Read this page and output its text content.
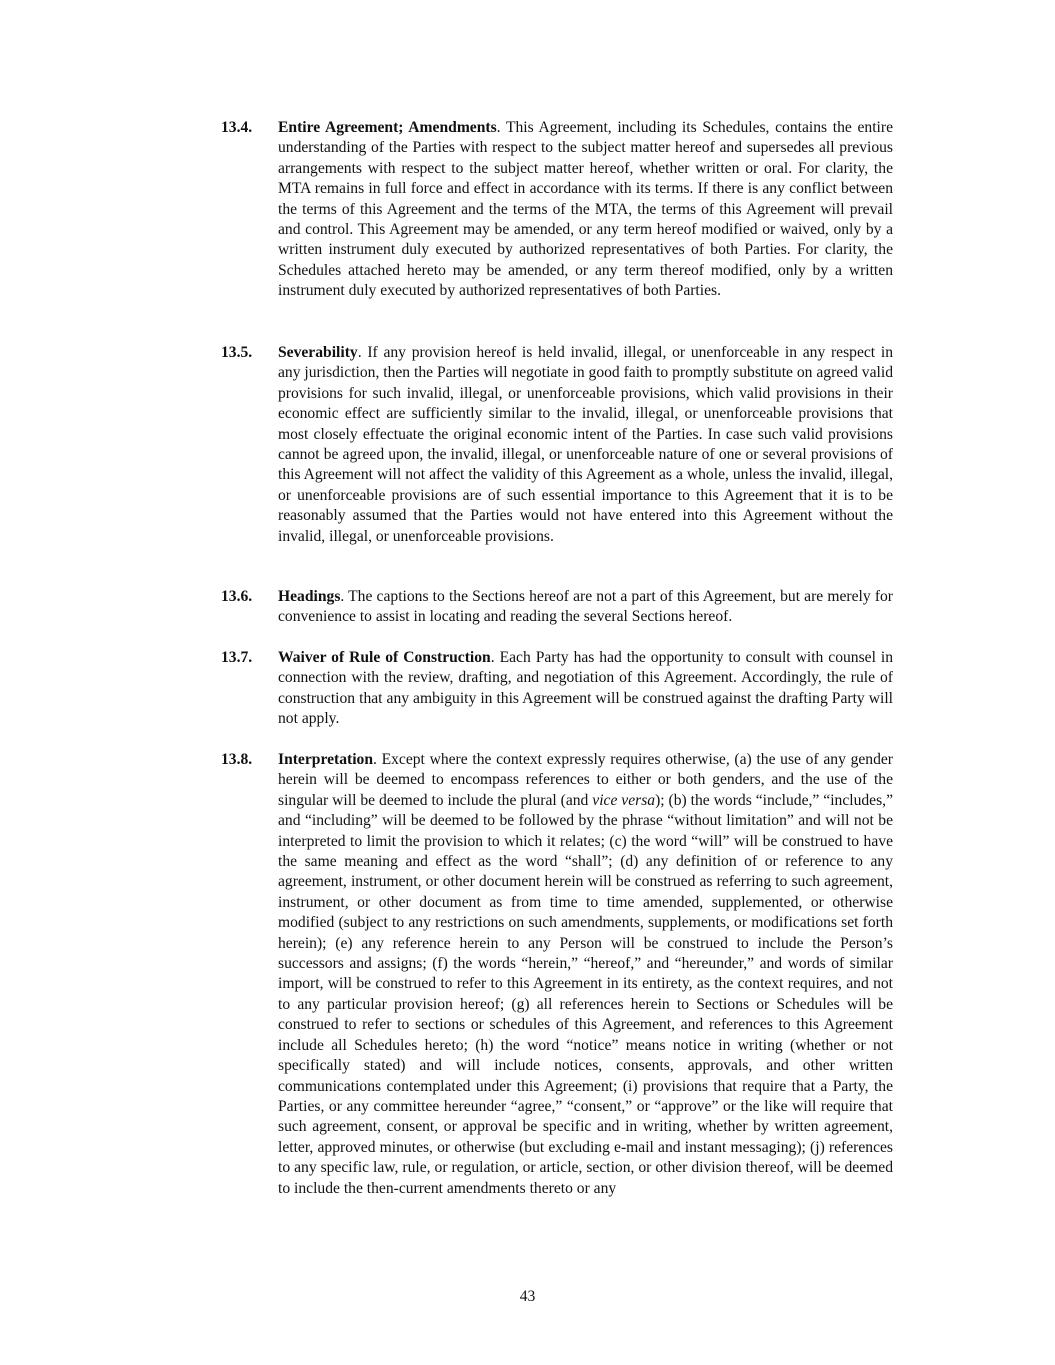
13.4. Entire Agreement; Amendments. This Agreement, including its Schedules, contains the entire understanding of the Parties with respect to the subject matter hereof and supersedes all previous arrangements with respect to the subject matter hereof, whether written or oral. For clarity, the MTA remains in full force and effect in accordance with its terms. If there is any conflict between the terms of this Agreement and the terms of the MTA, the terms of this Agreement will prevail and control. This Agreement may be amended, or any term hereof modified or waived, only by a written instrument duly executed by authorized representatives of both Parties. For clarity, the Schedules attached hereto may be amended, or any term thereof modified, only by a written instrument duly executed by authorized representatives of both Parties.
13.5. Severability. If any provision hereof is held invalid, illegal, or unenforceable in any respect in any jurisdiction, then the Parties will negotiate in good faith to promptly substitute on agreed valid provisions for such invalid, illegal, or unenforceable provisions, which valid provisions in their economic effect are sufficiently similar to the invalid, illegal, or unenforceable provisions that most closely effectuate the original economic intent of the Parties. In case such valid provisions cannot be agreed upon, the invalid, illegal, or unenforceable nature of one or several provisions of this Agreement will not affect the validity of this Agreement as a whole, unless the invalid, illegal, or unenforceable provisions are of such essential importance to this Agreement that it is to be reasonably assumed that the Parties would not have entered into this Agreement without the invalid, illegal, or unenforceable provisions.
13.6. Headings. The captions to the Sections hereof are not a part of this Agreement, but are merely for convenience to assist in locating and reading the several Sections hereof.
13.7. Waiver of Rule of Construction. Each Party has had the opportunity to consult with counsel in connection with the review, drafting, and negotiation of this Agreement. Accordingly, the rule of construction that any ambiguity in this Agreement will be construed against the drafting Party will not apply.
13.8. Interpretation. Except where the context expressly requires otherwise, (a) the use of any gender herein will be deemed to encompass references to either or both genders, and the use of the singular will be deemed to include the plural (and vice versa); (b) the words “include,” “includes,” and “including” will be deemed to be followed by the phrase “without limitation” and will not be interpreted to limit the provision to which it relates; (c) the word “will” will be construed to have the same meaning and effect as the word “shall”; (d) any definition of or reference to any agreement, instrument, or other document herein will be construed as referring to such agreement, instrument, or other document as from time to time amended, supplemented, or otherwise modified (subject to any restrictions on such amendments, supplements, or modifications set forth herein); (e) any reference herein to any Person will be construed to include the Person’s successors and assigns; (f) the words “herein,” “hereof,” and “hereunder,” and words of similar import, will be construed to refer to this Agreement in its entirety, as the context requires, and not to any particular provision hereof; (g) all references herein to Sections or Schedules will be construed to refer to sections or schedules of this Agreement, and references to this Agreement include all Schedules hereto; (h) the word “notice” means notice in writing (whether or not specifically stated) and will include notices, consents, approvals, and other written communications contemplated under this Agreement; (i) provisions that require that a Party, the Parties, or any committee hereunder “agree,” “consent,” or “approve” or the like will require that such agreement, consent, or approval be specific and in writing, whether by written agreement, letter, approved minutes, or otherwise (but excluding e-mail and instant messaging); (j) references to any specific law, rule, or regulation, or article, section, or other division thereof, will be deemed to include the then-current amendments thereto or any
43
